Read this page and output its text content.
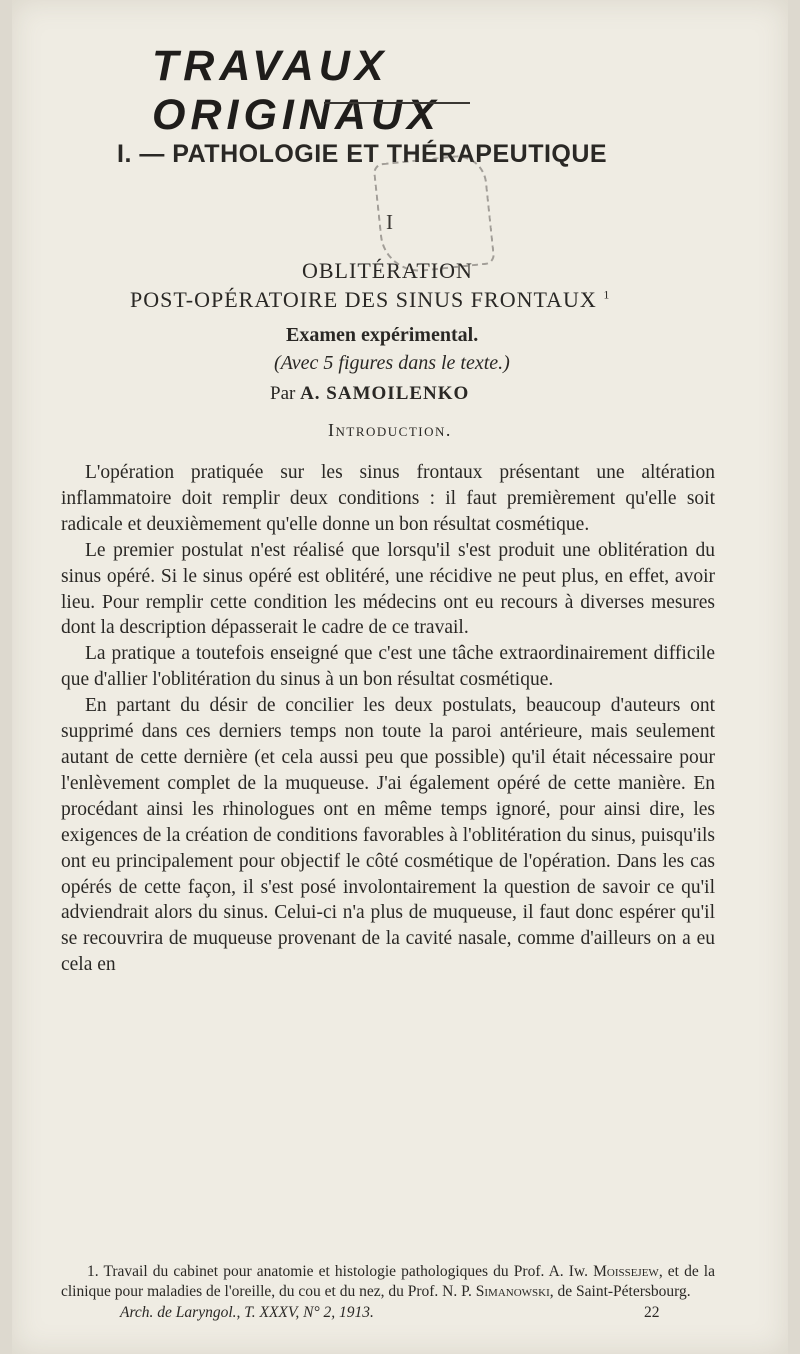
TRAVAUX ORIGINAUX
I. — PATHOLOGIE ET THÉRAPEUTIQUE
I
OBLITÉRATION
POST-OPÉRATOIRE DES SINUS FRONTAUX $^1$
Examen expérimental.
(Avec 5 figures dans le texte.)
Par A. SAMOILENKO
Introduction.

L'opération pratiquée sur les sinus frontaux présentant une altération inflammatoire doit remplir deux conditions : il faut premièrement qu'elle soit radicale et deuxièmement qu'elle donne un bon résultat cosmétique.

Le premier postulat n'est réalisé que lorsqu'il s'est produit une oblitération du sinus opéré. Si le sinus opéré est oblitéré, une récidive ne peut plus, en effet, avoir lieu. Pour remplir cette condition les médecins ont eu recours à diverses mesures dont la description dépasserait le cadre de ce travail.

La pratique a toutefois enseigné que c'est une tâche extraordinairement difficile que d'allier l'oblitération du sinus à un bon résultat cosmétique.

En partant du désir de concilier les deux postulats, beaucoup d'auteurs ont supprimé dans ces derniers temps non toute la paroi antérieure, mais seulement autant de cette dernière (et cela aussi peu que possible) qu'il était nécessaire pour l'enlèvement complet de la muqueuse. J'ai également opéré de cette manière. En procédant ainsi les rhinologues ont en même temps ignoré, pour ainsi dire, les exigences de la création de conditions favorables à l'oblitération du sinus, puisqu'ils ont eu principalement pour objectif le côté cosmétique de l'opération. Dans les cas opérés de cette façon, il s'est posé involontairement la question de savoir ce qu'il adviendrait alors du sinus. Celui-ci n'a plus de muqueuse, il faut donc espérer qu'il se recouvrira de muqueuse provenant de la cavité nasale, comme d'ailleurs on a eu cela en

1. Travail du cabinet pour anatomie et histologie pathologiques du Prof. A. Iw. Moissejew, et de la clinique pour maladies de l'oreille, du cou et du nez, du Prof. N. P. Simanowski, de Saint-Pétersbourg.

Arch. de Laryngol., T. XXXV, N° 2, 1913.	22
